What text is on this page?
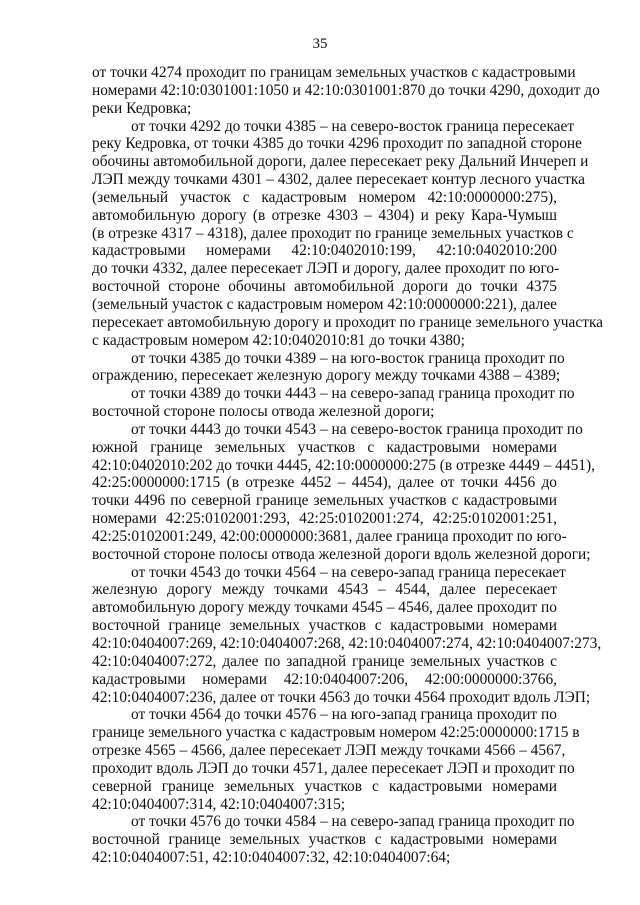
35
от точки 4274 проходит по границам земельных участков с кадастровыми
номерами 42:10:0301001:1050 и 42:10:0301001:870 до точки 4290, доходит до
реки Кедровка;
от точки 4292 до точки 4385 – на северо-восток граница пересекает
реку Кедровка, от точки 4385 до точки 4296 проходит по западной стороне
обочины автомобильной дороги, далее пересекает реку Дальний Инчереп и
ЛЭП между точками 4301 – 4302, далее пересекает контур лесного участка
(земельный участок с кадастровым номером 42:10:0000000:275),
автомобильную дорогу (в отрезке 4303 – 4304) и реку Кара-Чумыш
(в отрезке 4317 – 4318), далее проходит по границе земельных участков с
кадастровыми номерами 42:10:0402010:199, 42:10:0402010:200
до точки 4332, далее пересекает ЛЭП и дорогу, далее проходит по юго-
восточной стороне обочины автомобильной дороги до точки 4375
(земельный участок с кадастровым номером 42:10:0000000:221), далее
пересекает автомобильную дорогу и проходит по границе земельного участка
с кадастровым номером 42:10:0402010:81 до точки 4380;
от точки 4385 до точки 4389 – на юго-восток граница проходит по
ограждению, пересекает железную дорогу между точками 4388 – 4389;
от точки 4389 до точки 4443 – на северо-запад граница проходит по
восточной стороне полосы отвода железной дороги;
от точки 4443 до точки 4543 – на северо-восток граница проходит по
южной границе земельных участков с кадастровыми номерами
42:10:0402010:202 до точки 4445, 42:10:0000000:275 (в отрезке 4449 – 4451),
42:25:0000000:1715 (в отрезке 4452 – 4454), далее от точки 4456 до
точки 4496 по северной границе земельных участков с кадастровыми
номерами 42:25:0102001:293, 42:25:0102001:274, 42:25:0102001:251,
42:25:0102001:249, 42:00:0000000:3681, далее граница проходит по юго-
восточной стороне полосы отвода железной дороги вдоль железной дороги;
от точки 4543 до точки 4564 – на северо-запад граница пересекает
железную дорогу между точками 4543 – 4544, далее пересекает
автомобильную дорогу между точками 4545 – 4546, далее проходит по
восточной границе земельных участков с кадастровыми номерами
42:10:0404007:269, 42:10:0404007:268, 42:10:0404007:274, 42:10:0404007:273,
42:10:0404007:272, далее по западной границе земельных участков с
кадастровыми номерами 42:10:0404007:206, 42:00:0000000:3766,
42:10:0404007:236, далее от точки 4563 до точки 4564 проходит вдоль ЛЭП;
от точки 4564 до точки 4576 – на юго-запад граница проходит по
границе земельного участка с кадастровым номером 42:25:0000000:1715 в
отрезке 4565 – 4566, далее пересекает ЛЭП между точками 4566 – 4567,
проходит вдоль ЛЭП до точки 4571, далее пересекает ЛЭП и проходит по
северной границе земельных участков с кадастровыми номерами
42:10:0404007:314, 42:10:0404007:315;
от точки 4576 до точки 4584 – на северо-запад граница проходит по
восточной границе земельных участков с кадастровыми номерами
42:10:0404007:51, 42:10:0404007:32, 42:10:0404007:64;
